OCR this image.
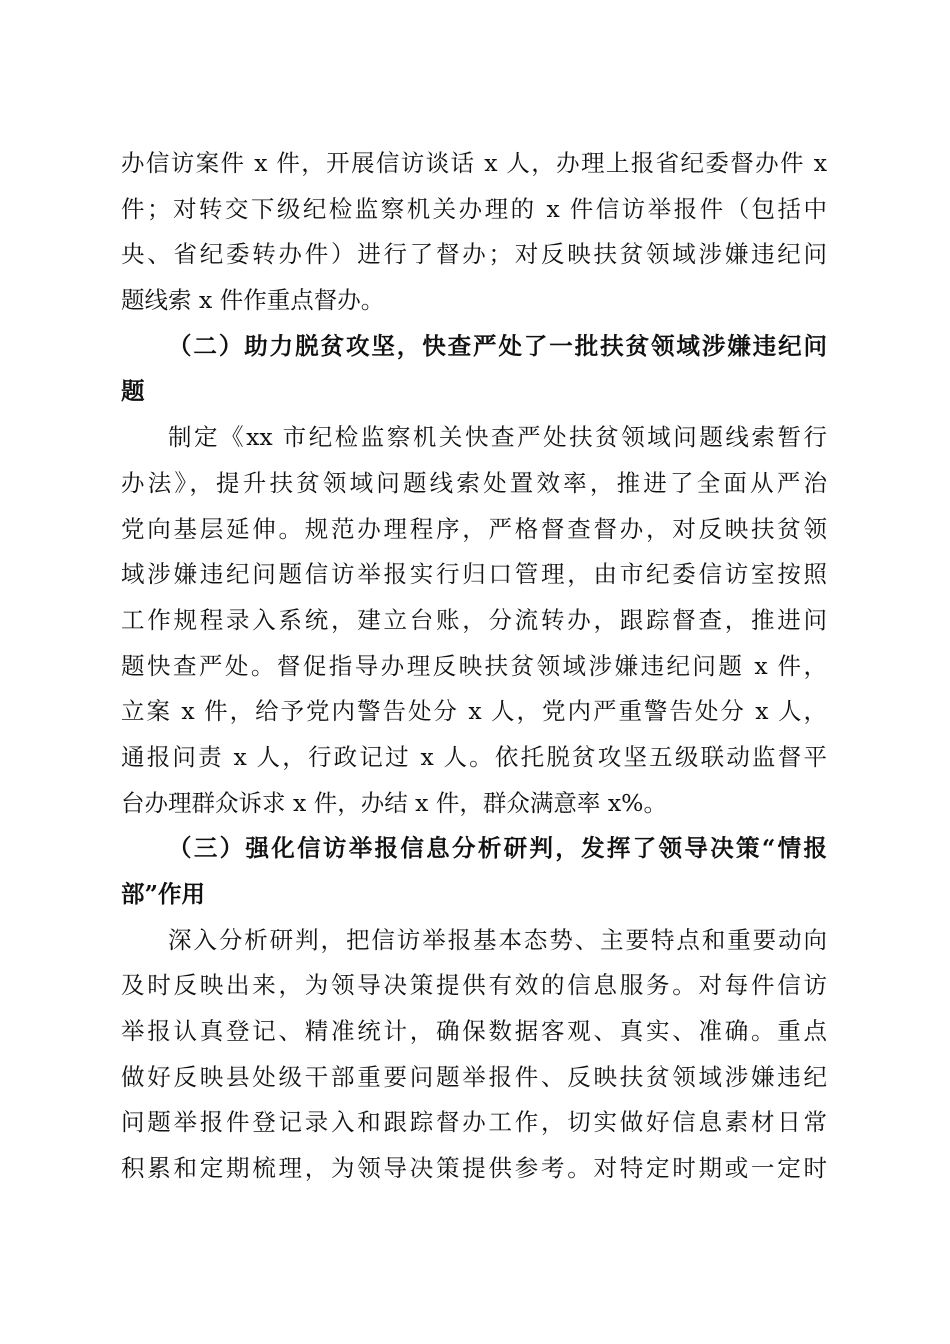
办信访案件 x 件，开展信访谈话 x 人，办理上报省纪委督办件 x
件；对转交下级纪检监察机关办理的 x 件信访举报件（包括中
央、省纪委转办件）进行了督办；对反映扶贫领域涉嫌违纪问
题线索 x 件作重点督办。
（二）助力脱贫攻坚，快查严处了一批扶贫领域涉嫌违纪问
题
制定《xx 市纪检监察机关快查严处扶贫领域问题线索暂行
办法》，提升扶贫领域问题线索处置效率，推进了全面从严治
党向基层延伸。规范办理程序，严格督查督办，对反映扶贫领
域涉嫌违纪问题信访举报实行归口管理，由市纪委信访室按照
工作规程录入系统，建立台账，分流转办，跟踪督查，推进问
题快查严处。督促指导办理反映扶贫领域涉嫌违纪问题 x 件，
立案 x 件，给予党内警告处分 x 人，党内严重警告处分 x 人，
通报问责 x 人，行政记过 x 人。依托脱贫攻坚五级联动监督平
台办理群众诉求 x 件，办结 x 件，群众满意率 x%。
（三）强化信访举报信息分析研判，发挥了领导决策“情报
部”作用
深入分析研判，把信访举报基本态势、主要特点和重要动向
及时反映出来，为领导决策提供有效的信息服务。对每件信访
举报认真登记、精准统计，确保数据客观、真实、准确。重点
做好反映县处级干部重要问题举报件、反映扶贫领域涉嫌违纪
问题举报件登记录入和跟踪督办工作，切实做好信息素材日常
积累和定期梳理，为领导决策提供参考。对特定时期或一定时
